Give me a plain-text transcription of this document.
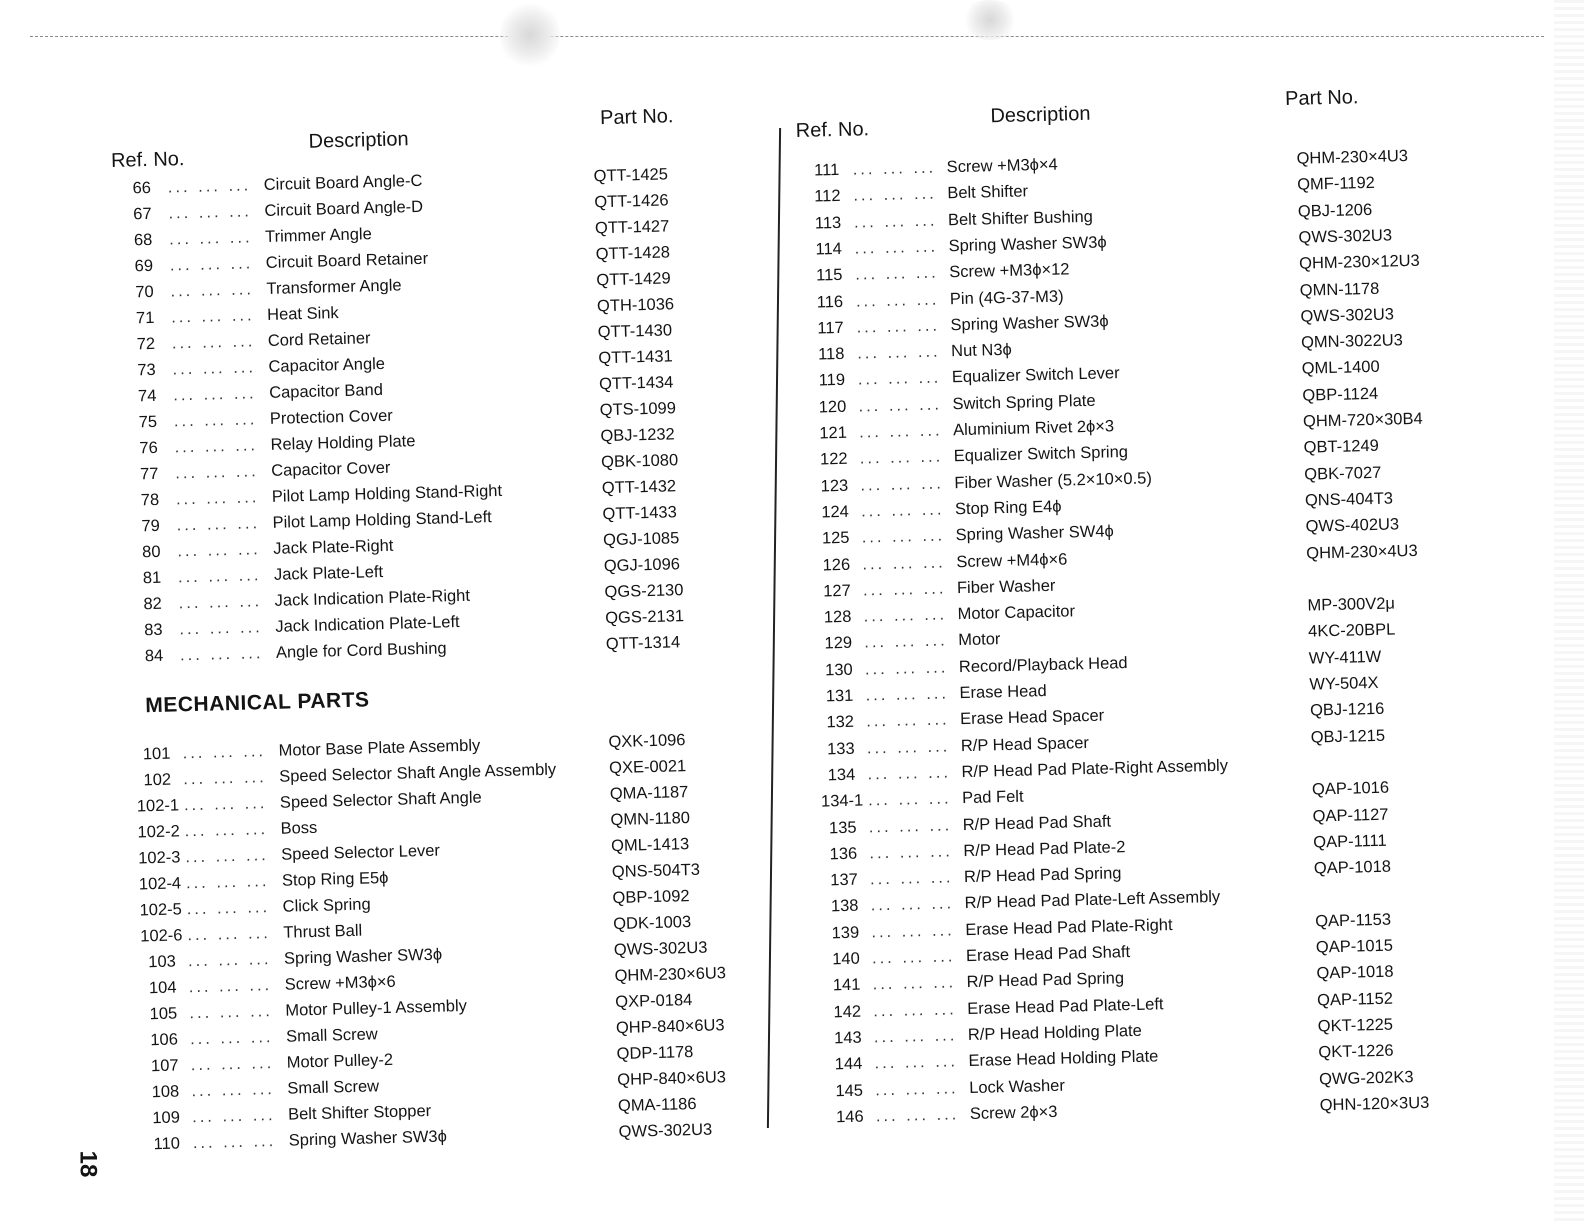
Ref. No.
Description
Part No.
66 ... ... ... Circuit Board Angle-C	QTT-1425
67 ... ... ... Circuit Board Angle-D	QTT-1426
68 ... ... ... Trimmer Angle	QTT-1427
69 ... ... ... Circuit Board Retainer	QTT-1428
70 ... ... ... Transformer Angle	QTT-1429
71 ... ... ... Heat Sink	QTH-1036
72 ... ... ... Cord Retainer	QTT-1430
73 ... ... ... Capacitor Angle	QTT-1431
74 ... ... ... Capacitor Band	QTT-1434
75 ... ... ... Protection Cover	QTS-1099
76 ... ... ... Relay Holding Plate	QBJ-1232
77 ... ... ... Capacitor Cover	QBK-1080
78 ... ... ... Pilot Lamp Holding Stand-Right	QTT-1432
79 ... ... ... Pilot Lamp Holding Stand-Left	QTT-1433
80 ... ... ... Jack Plate-Right	QGJ-1085
81 ... ... ... Jack Plate-Left	QGJ-1096
82 ... ... ... Jack Indication Plate-Right	QGS-2130
83 ... ... ... Jack Indication Plate-Left	QGS-2131
84 ... ... ... Angle for Cord Bushing	QTT-1314
MECHANICAL PARTS
101 ... ... ... Motor Base Plate Assembly	QXK-1096
102 ... ... ... Speed Selector Shaft Angle Assembly	QXE-0021
102-1 ... ... ... Speed Selector Shaft Angle	QMA-1187
102-2 ... ... ... Boss	QMN-1180
102-3 ... ... ... Speed Selector Lever	QML-1413
102-4 ... ... ... Stop Ring E5ϕ	QNS-504T3
102-5 ... ... ... Click Spring	QBP-1092
102-6 ... ... ... Thrust Ball	QDK-1003
103 ... ... ... Spring Washer SW3ϕ	QWS-302U3
104 ... ... ... Screw +M3ϕ×6	QHM-230×6U3
105 ... ... ... Motor Pulley-1 Assembly	QXP-0184
106 ... ... ... Small Screw	QHP-840×6U3
107 ... ... ... Motor Pulley-2	QDP-1178
108 ... ... ... Small Screw	QHP-840×6U3
109 ... ... ... Belt Shifter Stopper	QMA-1186
110 ... ... ... Spring Washer SW3ϕ	QWS-302U3
Ref. No.
Description
Part No.
111 ... ... ... Screw +M3ϕ×4	QHM-230×4U3
112 ... ... ... Belt Shifter	QMF-1192
113 ... ... ... Belt Shifter Bushing	QBJ-1206
114 ... ... ... Spring Washer SW3ϕ	QWS-302U3
115 ... ... ... Screw +M3ϕ×12	QHM-230×12U3
116 ... ... ... Pin (4G-37-M3)	QMN-1178
117 ... ... ... Spring Washer SW3ϕ	QWS-302U3
118 ... ... ... Nut N3ϕ	QMN-3022U3
119 ... ... ... Equalizer Switch Lever	QML-1400
120 ... ... ... Switch Spring Plate	QBP-1124
121 ... ... ... Aluminium Rivet 2ϕ×3	QHM-720×30B4
122 ... ... ... Equalizer Switch Spring	QBT-1249
123 ... ... ... Fiber Washer (5.2×10×0.5)	QBK-7027
124 ... ... ... Stop Ring E4ϕ	QNS-404T3
125 ... ... ... Spring Washer SW4ϕ	QWS-402U3
126 ... ... ... Screw +M4ϕ×6	QHM-230×4U3
127 ... ... ... Fiber Washer
128 ... ... ... Motor Capacitor	MP-300V2μ
129 ... ... ... Motor	4KC-20BPL
130 ... ... ... Record/Playback Head	WY-411W
131 ... ... ... Erase Head	WY-504X
132 ... ... ... Erase Head Spacer	QBJ-1216
133 ... ... ... R/P Head Spacer	QBJ-1215
134 ... ... ... R/P Head Pad Plate-Right Assembly
134-1 ... ... ... Pad Felt	QAP-1016
135 ... ... ... R/P Head Pad Shaft	QAP-1127
136 ... ... ... R/P Head Pad Plate-2	QAP-1111
137 ... ... ... R/P Head Pad Spring	QAP-1018
138 ... ... ... R/P Head Pad Plate-Left Assembly
139 ... ... ... Erase Head Pad Plate-Right	QAP-1153
140 ... ... ... Erase Head Pad Shaft	QAP-1015
141 ... ... ... R/P Head Pad Spring	QAP-1018
142 ... ... ... Erase Head Pad Plate-Left	QAP-1152
143 ... ... ... R/P Head Holding Plate	QKT-1225
144 ... ... ... Erase Head Holding Plate	QKT-1226
145 ... ... ... Lock Washer	QWG-202K3
146 ... ... ... Screw 2ϕ×3	QHN-120×3U3
18
